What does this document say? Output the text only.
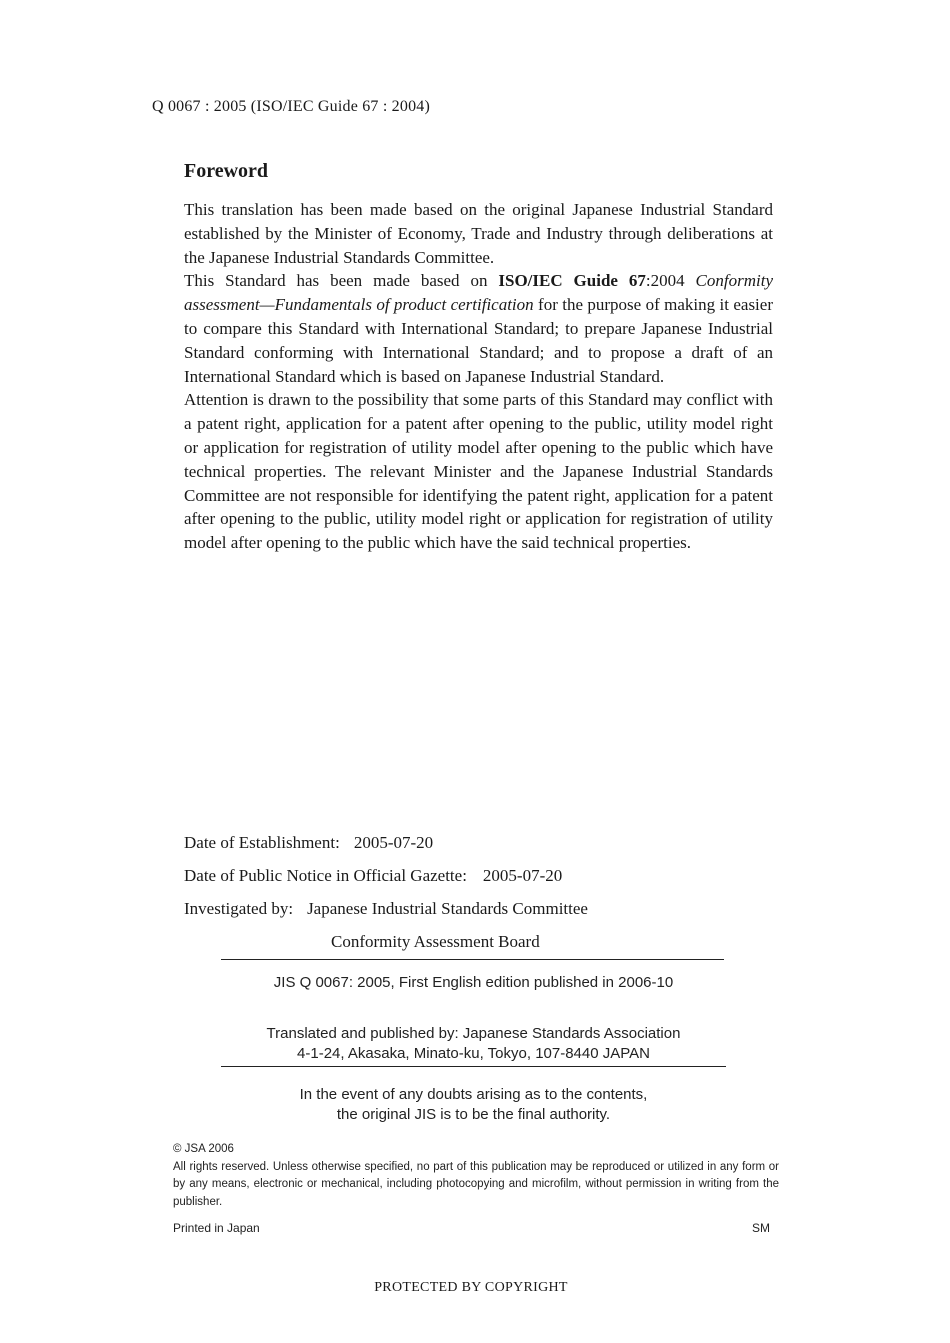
Q 0067 : 2005 (ISO/IEC Guide 67 : 2004)
Foreword

This translation has been made based on the original Japanese Industrial Standard established by the Minister of Economy, Trade and Industry through deliberations at the Japanese Industrial Standards Committee.

This Standard has been made based on ISO/IEC Guide 67:2004 Conformity assessment—Fundamentals of product certification for the purpose of making it easier to compare this Standard with International Standard; to prepare Japanese Industrial Standard conforming with International Standard; and to propose a draft of an International Standard which is based on Japanese Industrial Standard.

Attention is drawn to the possibility that some parts of this Standard may conflict with a patent right, application for a patent after opening to the public, utility model right or application for registration of utility model after opening to the public which have technical properties. The relevant Minister and the Japanese Industrial Standards Committee are not responsible for identifying the patent right, application for a patent after opening to the public, utility model right or application for registration of utility model after opening to the public which have the said technical properties.

Date of Establishment: 2005-07-20
Date of Public Notice in Official Gazette: 2005-07-20
Investigated by: Japanese Industrial Standards Committee
Conformity Assessment Board
JIS Q 0067: 2005, First English edition published in 2006-10
Translated and published by: Japanese Standards Association
4-1-24, Akasaka, Minato-ku, Tokyo, 107-8440 JAPAN
In the event of any doubts arising as to the contents,
the original JIS is to be the final authority.

© JSA 2006

All rights reserved. Unless otherwise specified, no part of this publication may be reproduced or utilized in any form or by any means, electronic or mechanical, including photocopying and microfilm, without permission in writing from the publisher.

Printed in Japan	SM
PROTECTED BY COPYRIGHT
